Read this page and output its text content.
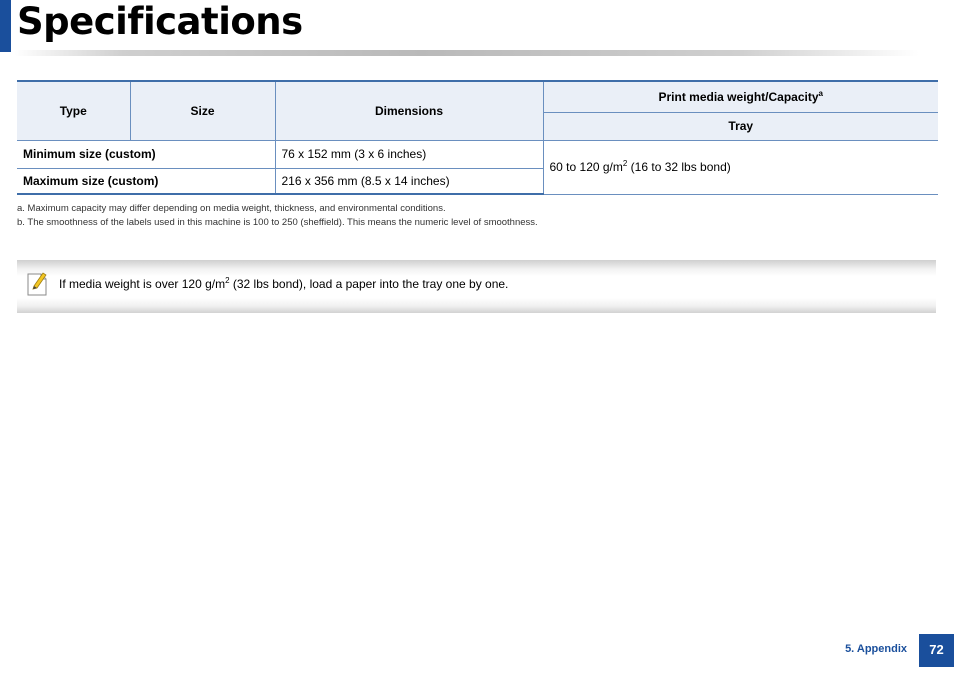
Specifications
Type	Size	Dimensions	Print media weight/Capacity$^a$
			Tray
Minimum size (custom)		76 x 152 mm (3 x 6 inches)	60 to 120 $g/m^2$ (16 to 32 lbs bond)
Maximum size (custom)		216 x 356 mm (8.5 x 14 inches)	
a. Maximum capacity may differ depending on media weight, thickness, and environmental conditions.
b. The smoothness of the labels used in this machine is 100 to 250 (sheffield). This means the numeric level of smoothness.
If media weight is over 120 $g/m^2$ (32 lbs bond), load a paper into the tray one by one.
5. Appendix	72
